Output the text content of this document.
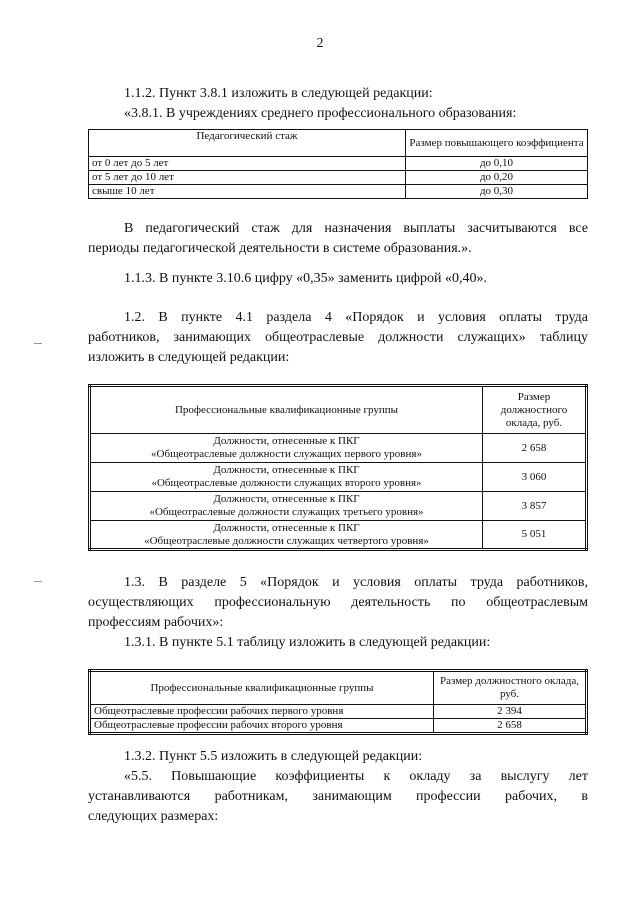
2
1.1.2. Пункт 3.8.1 изложить в следующей редакции:
«3.8.1. В учреждениях среднего профессионального образования:
Педагогический стаж	Размер повышающего коэффициента
от 0 лет до 5 лет	до 0,10
от 5 лет до 10 лет	до 0,20
свыше 10 лет	до 0,30
В педагогический стаж для назначения выплаты засчитываются все
периоды педагогической деятельности в системе образования.».
1.1.3. В пункте 3.10.6 цифру «0,35» заменить цифрой «0,40».
1.2. В пункте 4.1 раздела 4 «Порядок и условия оплаты труда
работников, занимающих общеотраслевые должности служащих» таблицу
изложить в следующей редакции:
Профессиональные квалификационные группы	Размер должностного оклада, руб.
Должности, отнесенные к ПКГ
«Общеотраслевые должности служащих первого уровня»	2 658
Должности, отнесенные к ПКГ
«Общеотраслевые должности служащих второго уровня»	3 060
Должности, отнесенные к ПКГ
«Общеотраслевые должности служащих третьего уровня»	3 857
Должности, отнесенные к ПКГ
«Общеотраслевые должности служащих четвертого уровня»	5 051
1.3. В разделе 5 «Порядок и условия оплаты труда работников,
осуществляющих профессиональную деятельность по общеотраслевым
профессиям рабочих»:
1.3.1. В пункте 5.1 таблицу изложить в следующей редакции:
Профессиональные квалификационные группы	Размер должностного оклада, руб.
Общеотраслевые профессии рабочих первого уровня	2 394
Общеотраслевые профессии рабочих второго уровня	2 658
1.3.2. Пункт 5.5 изложить в следующей редакции:
«5.5. Повышающие коэффициенты к окладу за выслугу лет
устанавливаются работникам, занимающим профессии рабочих, в
следующих размерах:
